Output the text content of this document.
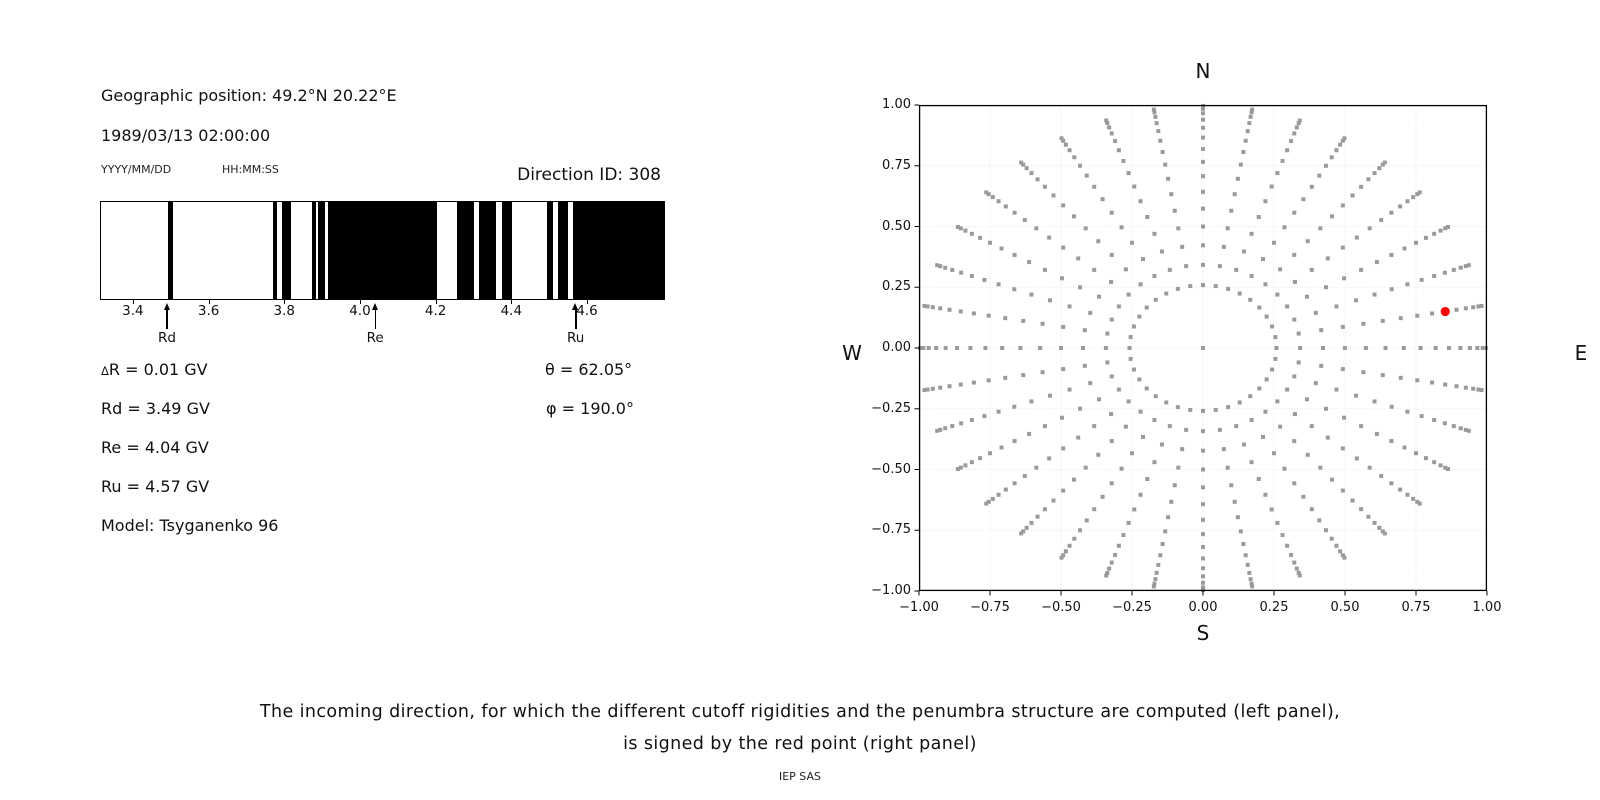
Geographic position: 49.2°N 20.22°E
1989/03/13 02:00:00
YYYY/MM/DD	HH:MM:SS	Direction ID: 308
3.4	3.6	3.8	4.0	4.2	4.4	4.6
Rd	Re	Ru
ΔR = 0.01 GV
Rd = 3.49 GV
Re = 4.04 GV
Ru = 4.57 GV
Model: Tsyganenko 96
θ = 62.05°
φ = 190.0°
−1.00	−0.75	−0.50	−0.25	0.00	0.25	0.50	0.75	1.00
1.00
0.75
0.50
0.25
0.00
−0.25
−0.50
−0.75
−1.00
N
S
W	E
The incoming direction, for which the different cutoff rigidities and the penumbra structure are computed (left panel),
is signed by the red point (right panel)
IEP SAS
